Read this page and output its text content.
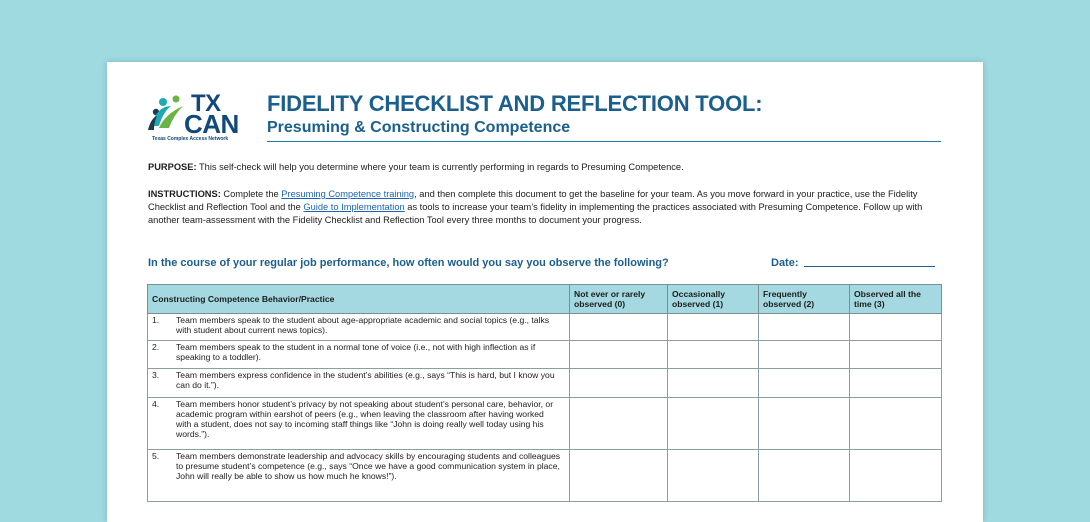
TX
CAN
Texas Complex Access Network
FIDELITY CHECKLIST AND REFLECTION TOOL:
Presuming & Constructing Competence
PURPOSE: This self-check will help you determine where your team is currently performing in regards to Presuming Competence.
INSTRUCTIONS: Complete the Presuming Competence training, and then complete this document to get the baseline for your team. As you move forward in your practice, use the Fidelity Checklist and Reflection Tool and the Guide to Implementation as tools to increase your team’s fidelity in implementing the practices associated with Presuming Competence. Follow up with another team-assessment with the Fidelity Checklist and Reflection Tool every three months to document your progress.
In the course of your regular job performance, how often would you say you observe the following?	Date:
Constructing Competence Behavior/Practice	Not ever or rarely observed (0)	Occasionally observed (1)	Frequently observed (2)	Observed all the time (3)
1. Team members speak to the student about age-appropriate academic and social topics (e.g., talks with student about current news topics).				
2. Team members speak to the student in a normal tone of voice (i.e., not with high inflection as if speaking to a toddler).				
3. Team members express confidence in the student’s abilities (e.g., says “This is hard, but I know you can do it.”).				
4. Team members honor student’s privacy by not speaking about student’s personal care, behavior, or academic program within earshot of peers (e.g., when leaving the classroom after having worked with a student, does not say to incoming staff things like “John is doing really well today using his words.”).				
5. Team members demonstrate leadership and advocacy skills by encouraging students and colleagues to presume student’s competence (e.g., says “Once we have a good communication system in place, John will really be able to show us how much he knows!”).				
